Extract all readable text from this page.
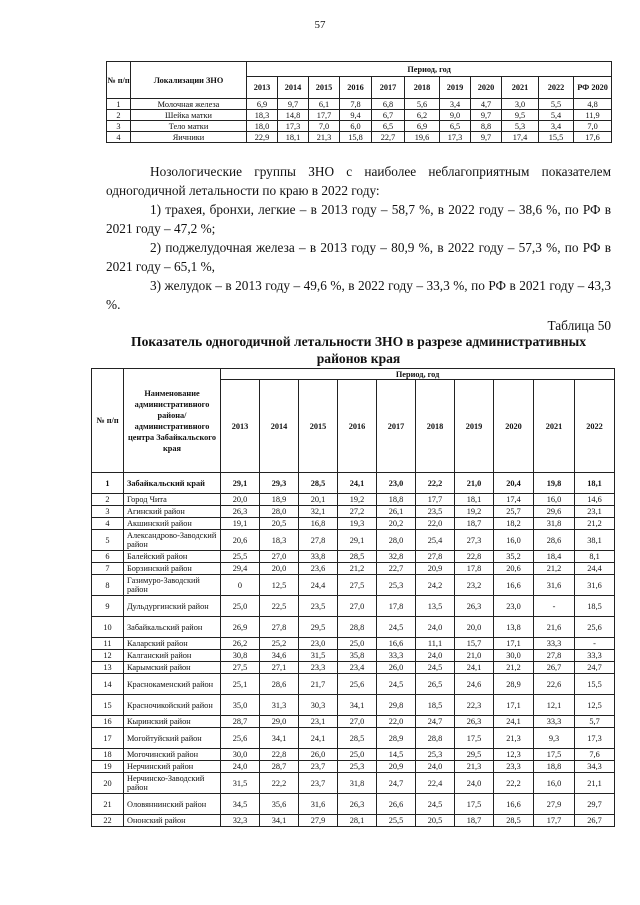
57
№ п/п	Локализации ЗНО	Период, год										
		2013	2014	2015	2016	2017	2018	2019	2020	2021	2022	РФ 2020
1	Молочная железа	6,9	9,7	6,1	7,8	6,8	5,6	3,4	4,7	3,0	5,5	4,8
2	Шейка матки	18,3	14,8	17,7	9,4	6,7	6,2	9,0	9,7	9,5	5,4	11,9
3	Тело матки	18,0	17,3	7,0	6,0	6,5	6,9	6,5	8,8	5,3	3,4	7,0
4	Яичники	22,9	18,1	21,3	15,8	22,7	19,6	17,3	9,7	17,4	15,5	17,6

Нозологические группы ЗНО с наиболее неблагоприятным показателем одногодичной летальности по краю в 2022 году:

1) трахея, бронхи, легкие – в 2013 году – 58,7 %, в 2022 году – 38,6 %, по РФ в 2021 году – 47,2 %;

2) поджелудочная железа – в 2013 году – 80,9 %, в 2022 году – 57,3 %, по РФ в 2021 году – 65,1 %,

3) желудок – в 2013 году – 49,6 %, в 2022 году – 33,3 %, по РФ в 2021 году – 43,3 %.

Таблица 50
Показатель одногодичной летальности ЗНО в разрезе административных районов края
№ п/п	Наименование административного района/ административного центра Забайкальского края	Период, год									
		2013	2014	2015	2016	2017	2018	2019	2020	2021	2022
1	Забайкальский край	29,1	29,3	28,5	24,1	23,0	22,2	21,0	20,4	19,8	18,1
2	Город Чита	20,0	18,9	20,1	19,2	18,8	17,7	18,1	17,4	16,0	14,6
3	Агинский район	26,3	28,0	32,1	27,2	26,1	23,5	19,2	25,7	29,6	23,1
4	Акшинский район	19,1	20,5	16,8	19,3	20,2	22,0	18,7	18,2	31,8	21,2
5	Александрово-Заводский район	20,6	18,3	27,8	29,1	28,0	25,4	27,3	16,0	28,6	38,1
6	Балейский район	25,5	27,0	33,8	28,5	32,8	27,8	22,8	35,2	18,4	8,1
7	Борзинский район	29,4	20,0	23,6	21,2	22,7	20,9	17,8	20,6	21,2	24,4
8	Газимуро-Заводский район	0	12,5	24,4	27,5	25,3	24,2	23,2	16,6	31,6	31,6
9	Дульдургинский район	25,0	22,5	23,5	27,0	17,8	13,5	26,3	23,0	-	18,5
10	Забайкальский район	26,9	27,8	29,5	28,8	24,5	24,0	20,0	13,8	21,6	25,6
11	Каларский район	26,2	25,2	23,0	25,0	16,6	11,1	15,7	17,1	33,3	-
12	Калганский район	30,8	34,6	31,5	35,8	33,3	24,0	21,0	30,0	27,8	33,3
13	Карымский район	27,5	27,1	23,3	23,4	26,0	24,5	24,1	21,2	26,7	24,7
14	Краснокаменский район	25,1	28,6	21,7	25,6	24,5	26,5	24,6	28,9	22,6	15,5
15	Красночикойский район	35,0	31,3	30,3	34,1	29,8	18,5	22,3	17,1	12,1	12,5
16	Кыринский район	28,7	29,0	23,1	27,0	22,0	24,7	26,3	24,1	33,3	5,7
17	Могойтуйский район	25,6	34,1	24,1	28,5	28,9	28,8	17,5	21,3	9,3	17,3
18	Могочинский район	30,0	22,8	26,0	25,0	14,5	25,3	29,5	12,3	17,5	7,6
19	Нерчинский район	24,0	28,7	23,7	25,3	20,9	24,0	21,3	23,3	18,8	34,3
20	Нерчинско-Заводский район	31,5	22,2	23,7	31,8	24,7	22,4	24,0	22,2	16,0	21,1
21	Оловяннинский район	34,5	35,6	31,6	26,3	26,6	24,5	17,5	16,6	27,9	29,7
22	Ононский район	32,3	34,1	27,9	28,1	25,5	20,5	18,7	28,5	17,7	26,7
